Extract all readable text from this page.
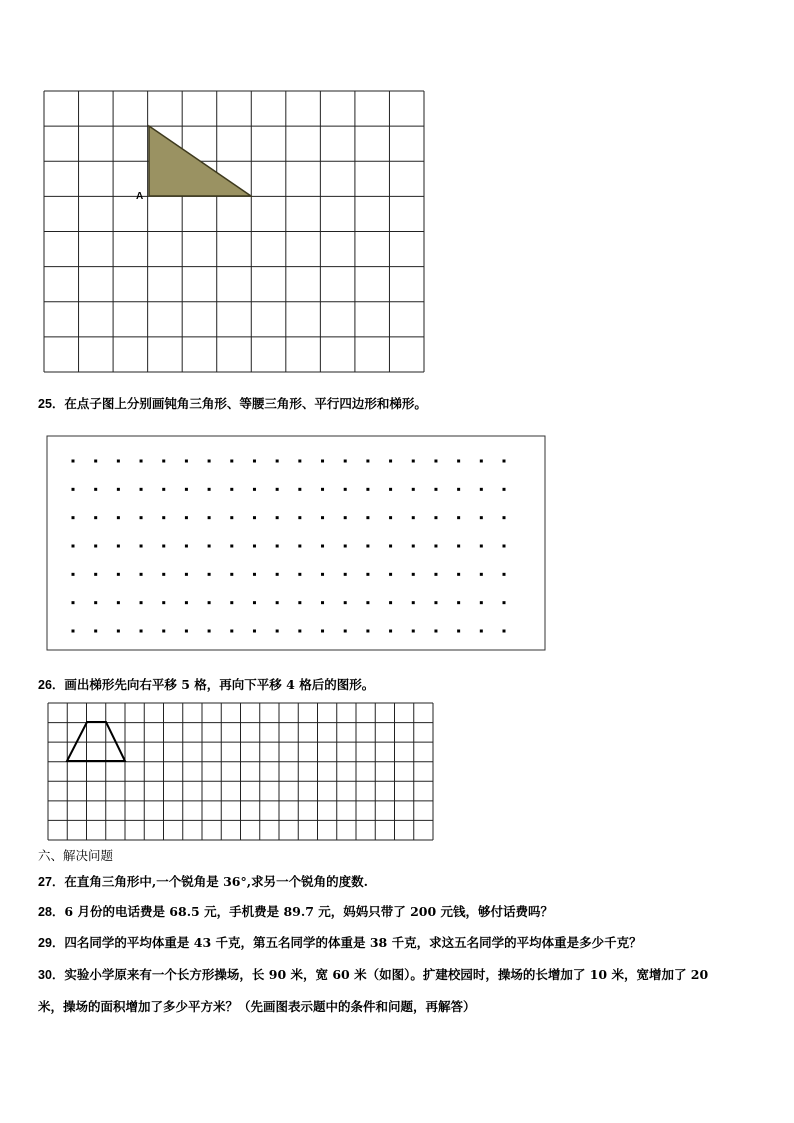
A
25．在点子图上分别画钝角三角形、等腰三角形、平行四边形和梯形。
26．画出梯形先向右平移 5 格，再向下平移 4 格后的图形。
六、解决问题
27．在直角三角形中,一个锐角是 36°,求另一个锐角的度数.
28．6 月份的电话费是 68.5 元，手机费是 89.7 元，妈妈只带了 200 元钱，够付话费吗？
29．四名同学的平均体重是 43 千克，第五名同学的体重是 38 千克，求这五名同学的平均体重是多少千克？
30．实验小学原来有一个长方形操场，长 90 米，宽 60 米（如图）。扩建校园时，操场的长增加了 10 米，宽增加了 20
米，操场的面积增加了多少平方米？（先画图表示题中的条件和问题，再解答）
